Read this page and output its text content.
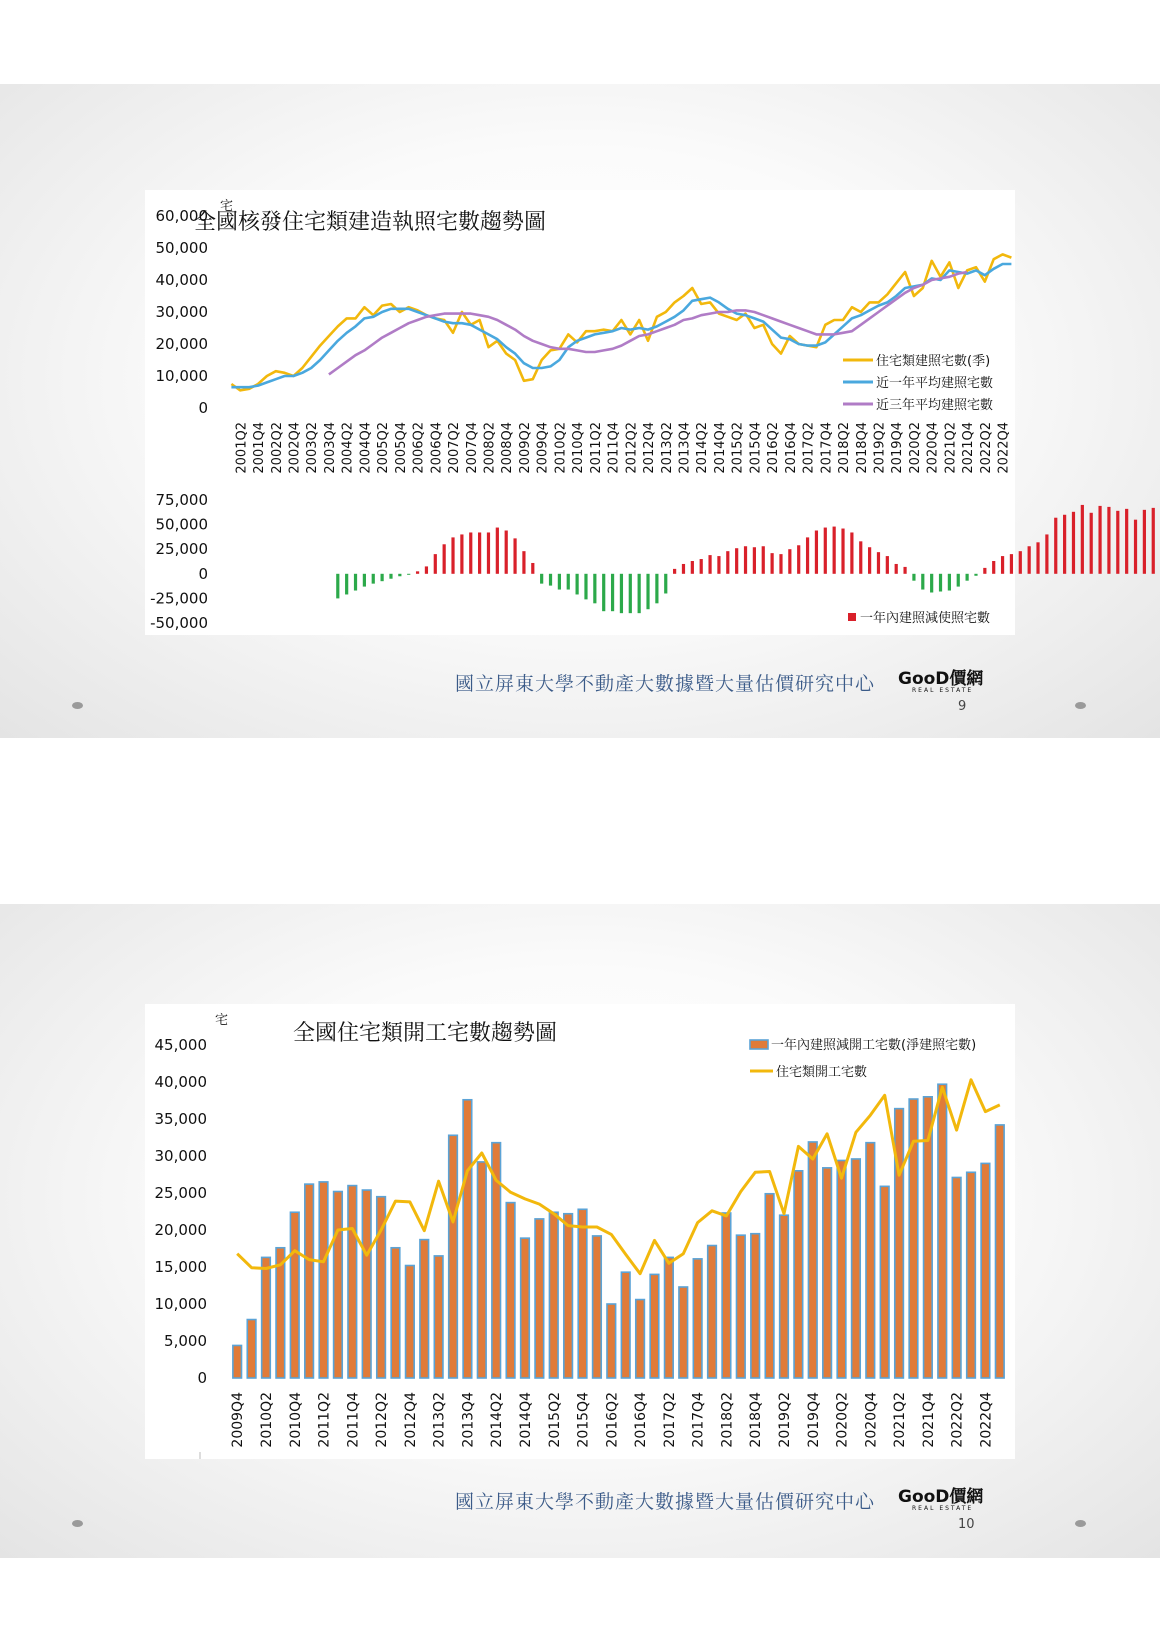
全國核發住宅類建造執照宅數趨勢圖
宅
60,000
50,000
40,000
30,000
20,000
10,000
0
2001Q2 2001Q4 2002Q2 2002Q4 2003Q2 2003Q4 2004Q2 2004Q4 2005Q2 2005Q4 2006Q2 2006Q4 2007Q2 2007Q4 2008Q2 2008Q4 2009Q2 2009Q4 2010Q2 2010Q4 2011Q2 2011Q4 2012Q2 2012Q4 2013Q2 2013Q4 2014Q2 2014Q4 2015Q2 2015Q4 2016Q2 2016Q4 2017Q2 2017Q4 2018Q2 2018Q4 2019Q2 2019Q4 2020Q2 2020Q4 2021Q2 2021Q4 2022Q2 2022Q4
住宅類建照宅數(季)
近一年平均建照宅數
近三年平均建照宅數
75,000
50,000
25,000
0
-25,000
-50,000	一年內建照減使照宅數
國立屏東大學不動產大數據暨大量估價研究中心 GooD價網
REAL ESTATE
9
全國住宅類開工宅數趨勢圖
宅
45,000
40,000
35,000
30,000
25,000
20,000
15,000
10,000
5,000
0
2009Q4 2010Q2 2010Q4 2011Q2 2011Q4 2012Q2 2012Q4 2013Q2 2013Q4 2014Q2 2014Q4 2015Q2 2015Q4 2016Q2 2016Q4 2017Q2 2017Q4 2018Q2 2018Q4 2019Q2 2019Q4 2020Q2 2020Q4 2021Q2 2021Q4 2022Q2 2022Q4
一年內建照減開工宅數(淨建照宅數)
住宅類開工宅數
國立屏東大學不動產大數據暨大量估價研究中心 GooD價網
REAL ESTATE
10
